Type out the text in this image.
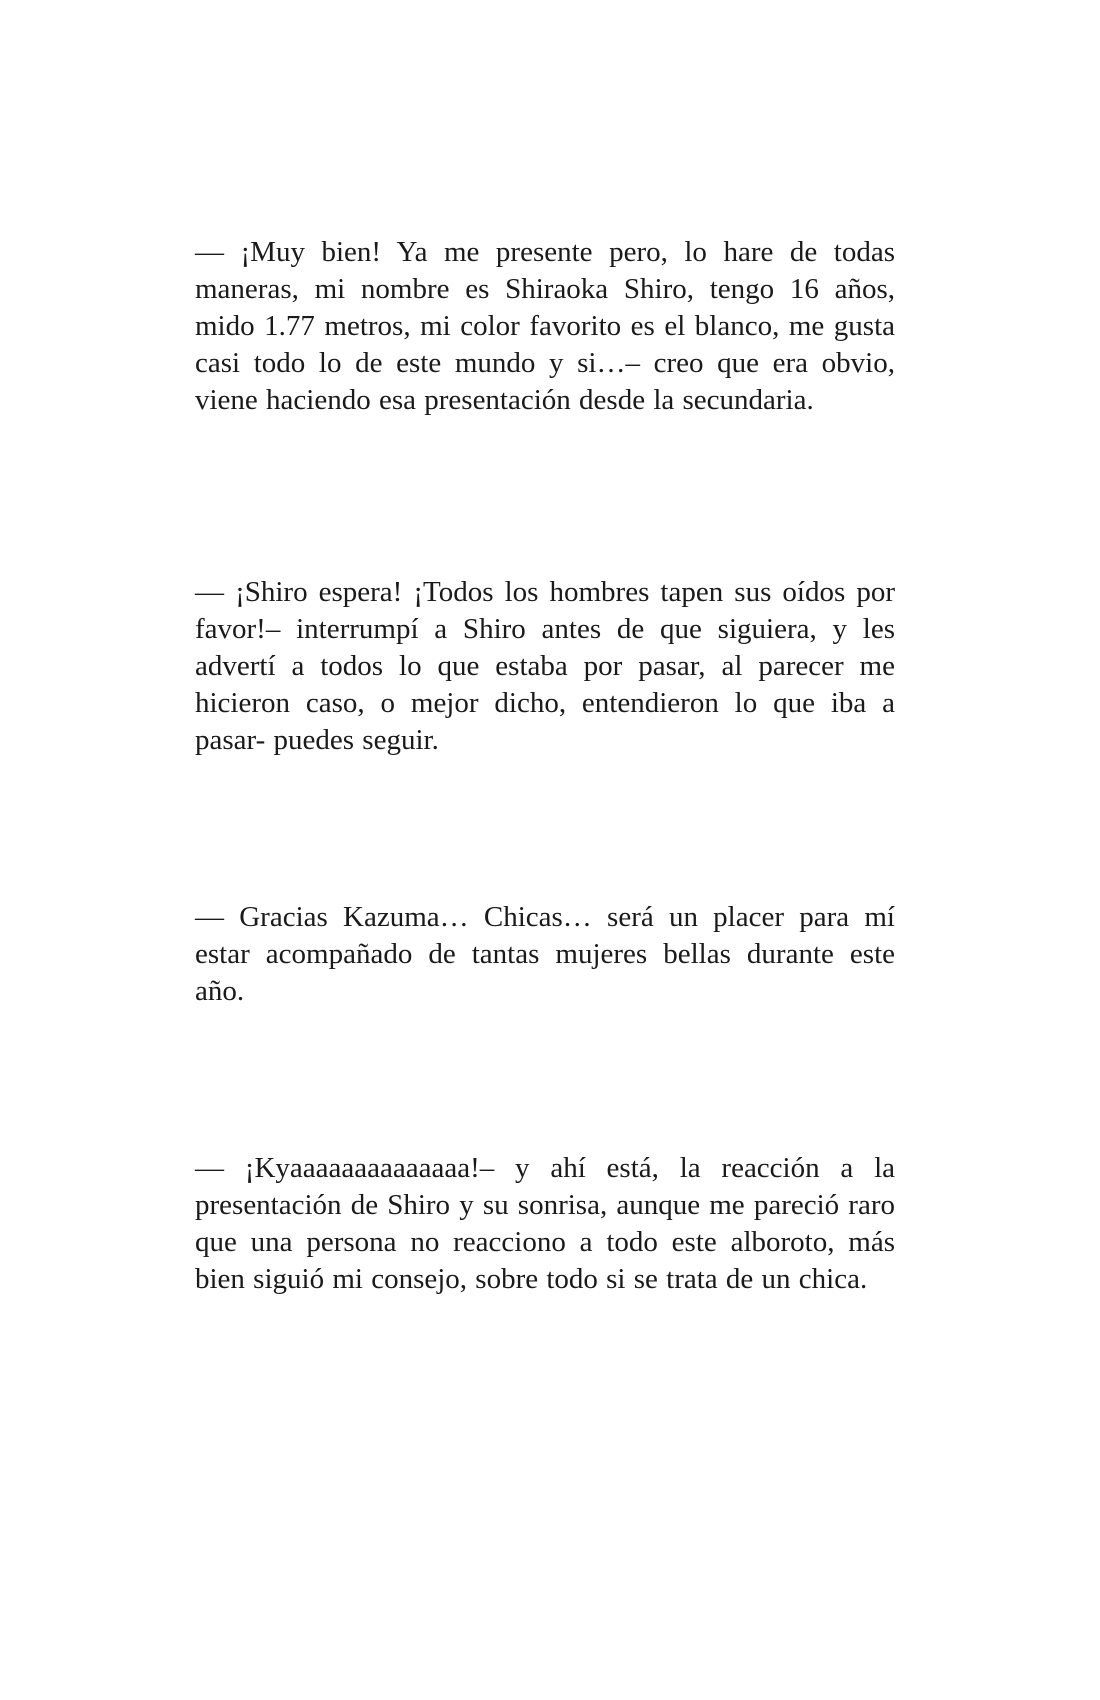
— ¡Muy bien! Ya me presente pero, lo hare de todas maneras, mi nombre es Shiraoka Shiro, tengo 16 años, mido 1.77 metros, mi color favorito es el blanco, me gusta casi todo lo de este mundo y si…– creo que era obvio, viene haciendo esa presentación desde la secundaria.

— ¡Shiro espera! ¡Todos los hombres tapen sus oídos por favor!– interrumpí a Shiro antes de que siguiera, y les advertí a todos lo que estaba por pasar, al parecer me hicieron caso, o mejor dicho, entendieron lo que iba a pasar- puedes seguir.

— Gracias Kazuma… Chicas… será un placer para mí estar acompañado de tantas mujeres bellas durante este año.

— ¡Kyaaaaaaaaaaaaaa!– y ahí está, la reacción a la presentación de Shiro y su sonrisa, aunque me pareció raro que una persona no reacciono a todo este alboroto, más bien siguió mi consejo, sobre todo si se trata de un chica.
